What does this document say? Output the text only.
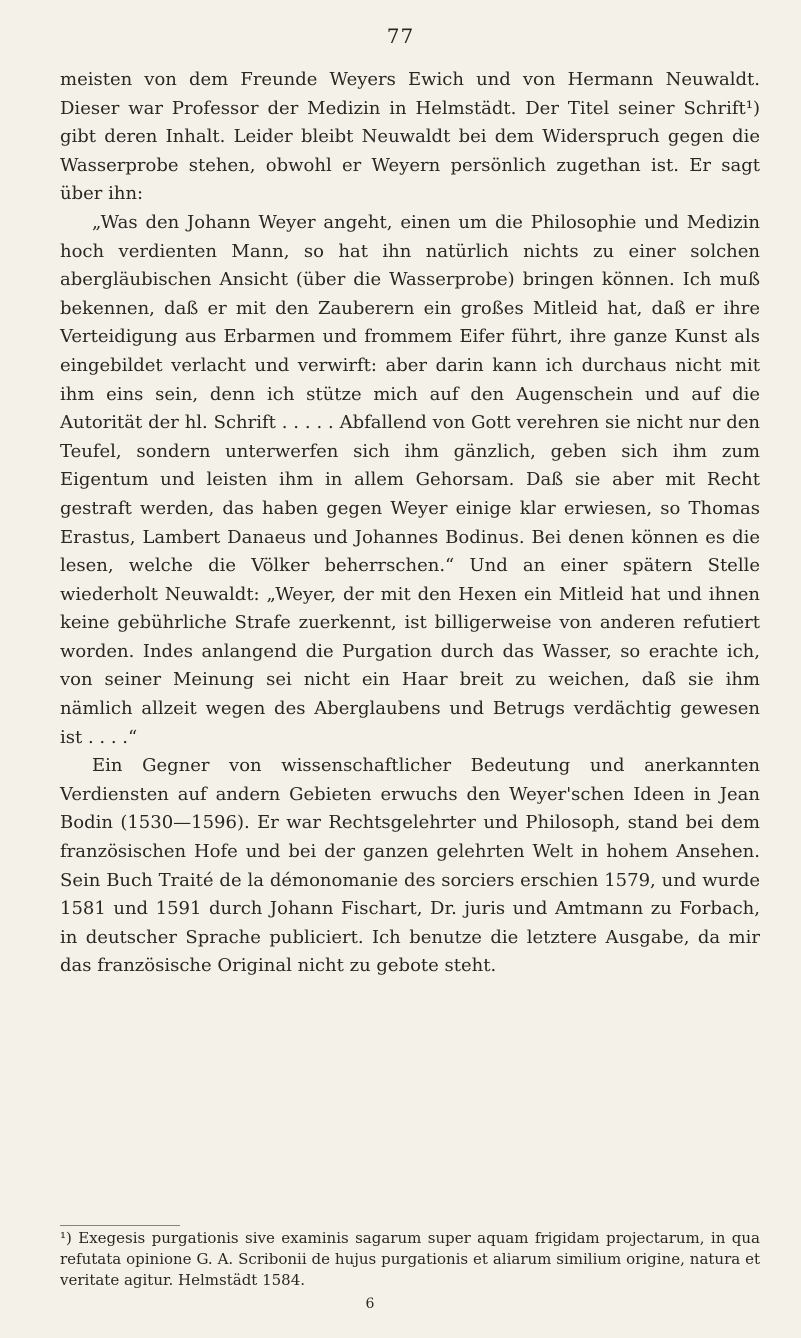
77

meisten von dem Freunde Weyers Ewich und von Hermann Neuwaldt. Dieser war Professor der Medizin in Helmstädt. Der Titel seiner Schrift¹) gibt deren Inhalt. Leider bleibt Neuwaldt bei dem Widerspruch gegen die Wasserprobe stehen, obwohl er Weyern persönlich zugethan ist. Er sagt über ihn:

„Was den Johann Weyer angeht, einen um die Philosophie und Medizin hoch verdienten Mann, so hat ihn natürlich nichts zu einer solchen abergläubischen Ansicht (über die Wasserprobe) bringen können. Ich muß bekennen, daß er mit den Zauberern ein großes Mitleid hat, daß er ihre Verteidigung aus Erbarmen und frommem Eifer führt, ihre ganze Kunst als eingebildet verlacht und verwirft: aber darin kann ich durchaus nicht mit ihm eins sein, denn ich stütze mich auf den Augenschein und auf die Autorität der hl. Schrift . . . . . Abfallend von Gott verehren sie nicht nur den Teufel, sondern unterwerfen sich ihm gänzlich, geben sich ihm zum Eigentum und leisten ihm in allem Gehorsam. Daß sie aber mit Recht gestraft werden, das haben gegen Weyer einige klar erwiesen, so Thomas Erastus, Lambert Danaeus und Johannes Bodinus. Bei denen können es die lesen, welche die Völker beherrschen.“ Und an einer spätern Stelle wiederholt Neuwaldt: „Weyer, der mit den Hexen ein Mitleid hat und ihnen keine gebührliche Strafe zuerkennt, ist billigerweise von anderen refutiert worden. Indes anlangend die Purgation durch das Wasser, so erachte ich, von seiner Meinung sei nicht ein Haar breit zu weichen, daß sie ihm nämlich allzeit wegen des Aberglaubens und Betrugs verdächtig gewesen ist . . . .“

Ein Gegner von wissenschaftlicher Bedeutung und anerkannten Verdiensten auf andern Gebieten erwuchs den Weyer'schen Ideen in Jean Bodin (1530—1596). Er war Rechtsgelehrter und Philosoph, stand bei dem französischen Hofe und bei der ganzen gelehrten Welt in hohem Ansehen. Sein Buch Traité de la démonomanie des sorciers erschien 1579, und wurde 1581 und 1591 durch Johann Fischart, Dr. juris und Amtmann zu Forbach, in deutscher Sprache publiciert. Ich benutze die letztere Ausgabe, da mir das französische Original nicht zu gebote steht.

¹) Exegesis purgationis sive examinis sagarum super aquam frigidam projectarum, in qua refutata opinione G. A. Scribonii de hujus purgationis et aliarum similium origine, natura et veritate agitur. Helmstädt 1584.
6
